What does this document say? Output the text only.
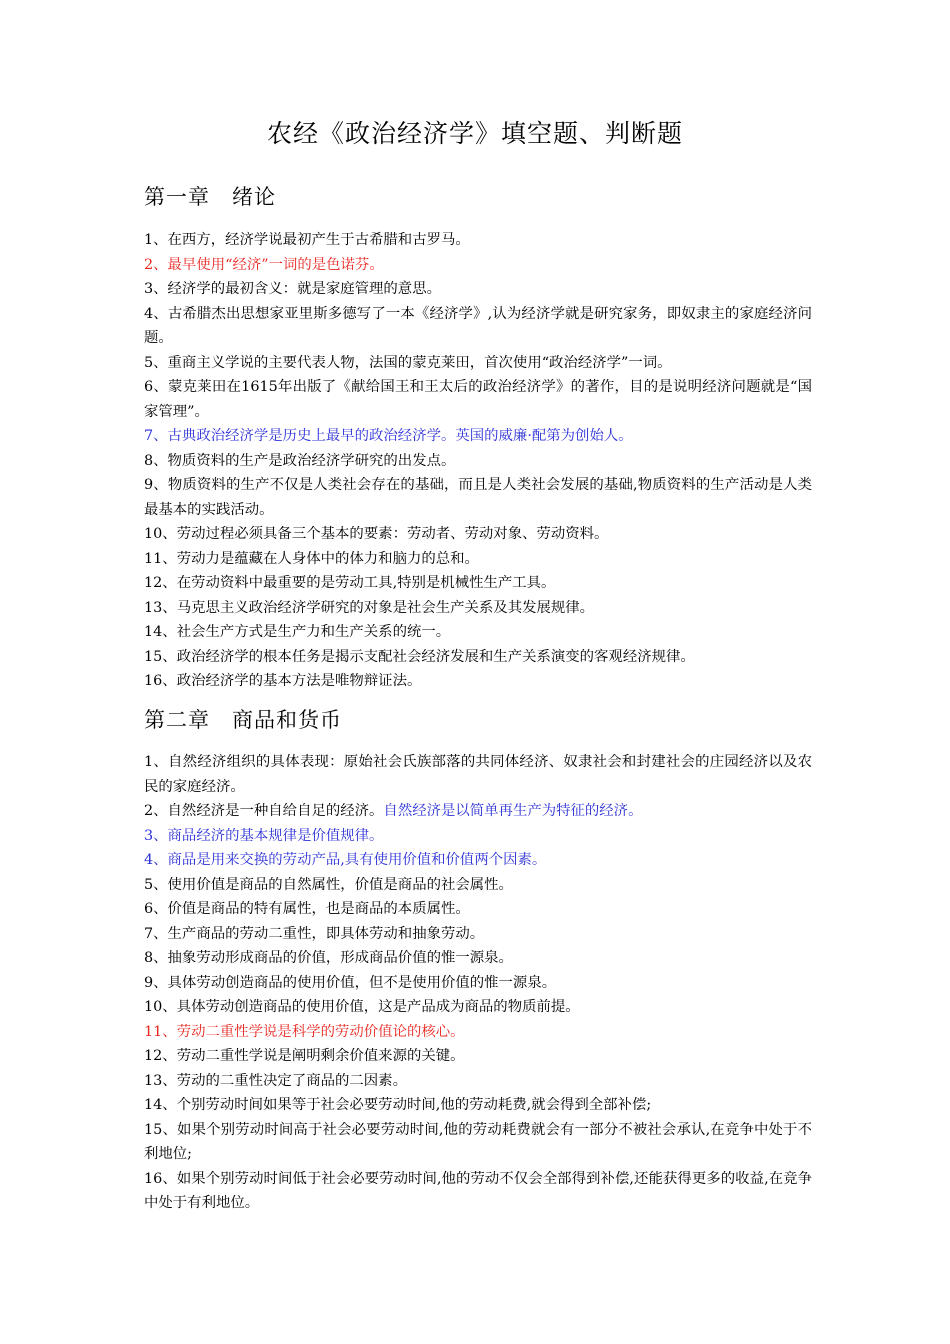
农经《政治经济学》填空题、判断题
第一章　绪论
1、在西方，经济学说最初产生于古希腊和古罗马。
2、最早使用“经济”一词的是色诺芬。
3、经济学的最初含义：就是家庭管理的意思。
4、古希腊杰出思想家亚里斯多德写了一本《经济学》,认为经济学就是研究家务，即奴隶主的家庭经济问题。
5、重商主义学说的主要代表人物，法国的蒙克莱田，首次使用“政治经济学”一词。
6、蒙克莱田在1615年出版了《献给国王和王太后的政治经济学》的著作，目的是说明经济问题就是“国家管理”。
7、古典政治经济学是历史上最早的政治经济学。英国的威廉·配第为创始人。
8、物质资料的生产是政治经济学研究的出发点。
9、物质资料的生产不仅是人类社会存在的基础，而且是人类社会发展的基础,物质资料的生产活动是人类最基本的实践活动。
10、劳动过程必须具备三个基本的要素：劳动者、劳动对象、劳动资料。
11、劳动力是蕴藏在人身体中的体力和脑力的总和。
12、在劳动资料中最重要的是劳动工具,特别是机械性生产工具。
13、马克思主义政治经济学研究的对象是社会生产关系及其发展规律。
14、社会生产方式是生产力和生产关系的统一。
15、政治经济学的根本任务是揭示支配社会经济发展和生产关系演变的客观经济规律。
16、政治经济学的基本方法是唯物辩证法。
第二章　商品和货币
1、自然经济组织的具体表现：原始社会氏族部落的共同体经济、奴隶社会和封建社会的庄园经济以及农民的家庭经济。
2、自然经济是一种自给自足的经济。自然经济是以简单再生产为特征的经济。
3、商品经济的基本规律是价值规律。
4、商品是用来交换的劳动产品,具有使用价值和价值两个因素。
5、使用价值是商品的自然属性，价值是商品的社会属性。
6、价值是商品的特有属性，也是商品的本质属性。
7、生产商品的劳动二重性，即具体劳动和抽象劳动。
8、抽象劳动形成商品的价值，形成商品价值的惟一源泉。
9、具体劳动创造商品的使用价值，但不是使用价值的惟一源泉。
10、具体劳动创造商品的使用价值，这是产品成为商品的物质前提。
11、劳动二重性学说是科学的劳动价值论的核心。
12、劳动二重性学说是阐明剩余价值来源的关键。
13、劳动的二重性决定了商品的二因素。
14、个别劳动时间如果等于社会必要劳动时间,他的劳动耗费,就会得到全部补偿;
15、如果个别劳动时间高于社会必要劳动时间,他的劳动耗费就会有一部分不被社会承认,在竞争中处于不利地位;
16、如果个别劳动时间低于社会必要劳动时间,他的劳动不仅会全部得到补偿,还能获得更多的收益,在竞争中处于有利地位。
